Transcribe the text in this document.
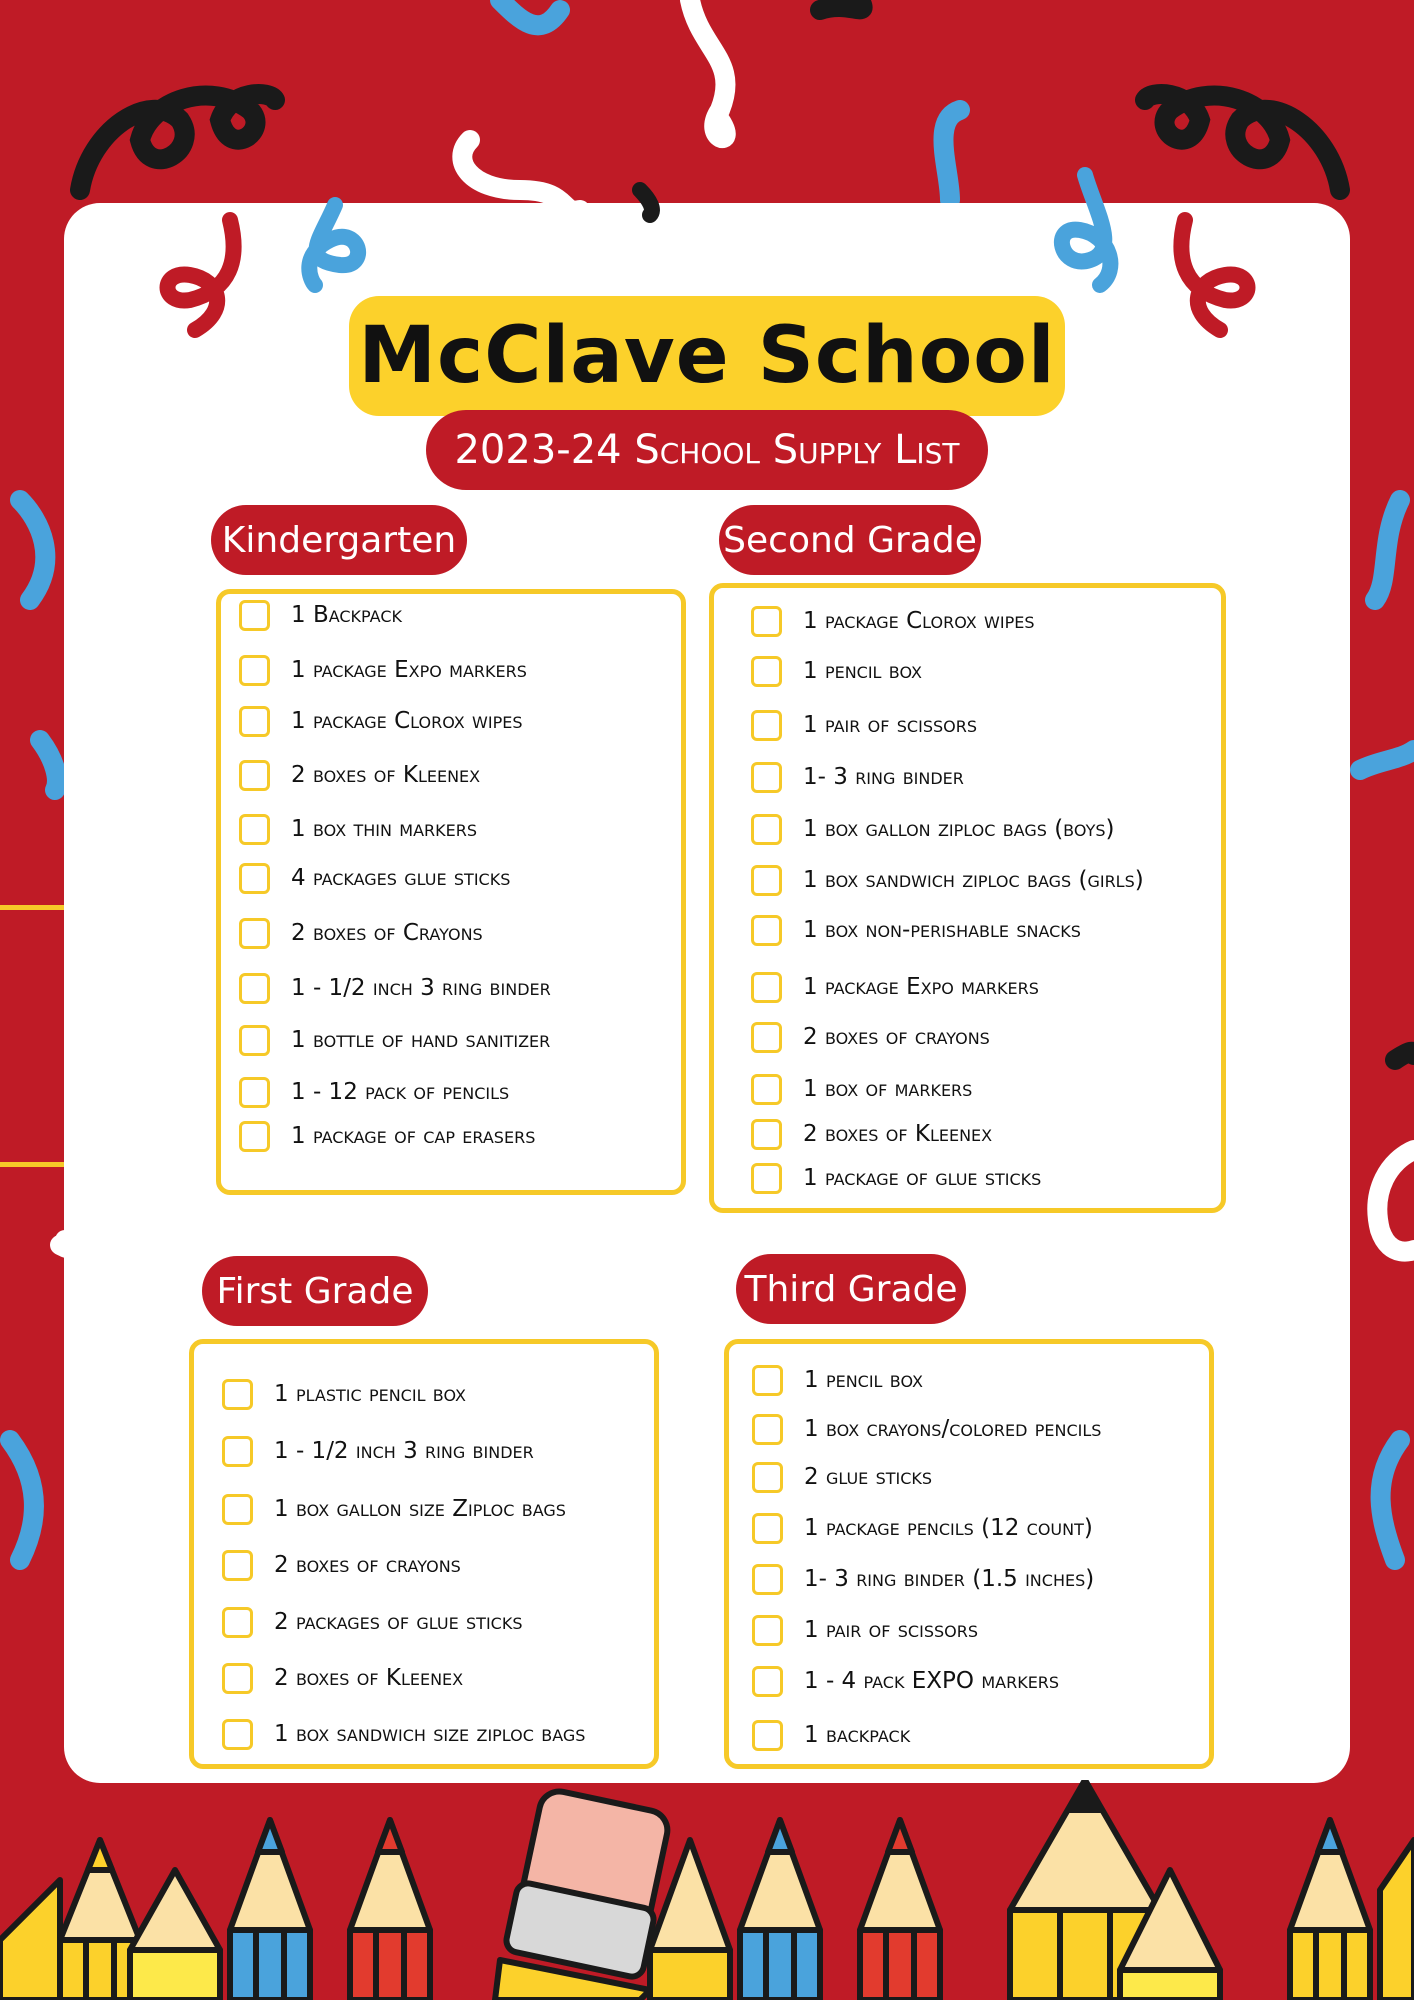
McClave School
2023-24 School Supply List
Kindergarten
1 Backpack
1 package Expo markers
1 package Clorox wipes
2 boxes of Kleenex
1 box thin markers
4 packages glue sticks
2 boxes of Crayons
1 - 1/2 inch 3 ring binder
1 bottle of hand sanitizer
1 - 12 pack of pencils
1 package of cap erasers
Second Grade
1 package Clorox wipes
1 pencil box
1 pair of scissors
1- 3 ring binder
1 box gallon ziploc bags (boys)
1 box sandwich ziploc bags (girls)
1 box non-perishable snacks
1 package Expo markers
2 boxes of crayons
1 box of markers
2 boxes of Kleenex
1 package of glue sticks
First Grade
1 plastic pencil box
1 - 1/2 inch 3 ring binder
1 box gallon size Ziploc bags
2 boxes of crayons
2 packages of glue sticks
2 boxes of Kleenex
1 box sandwich size ziploc bags
Third Grade
1 pencil box
1 box crayons/colored pencils
2 glue sticks
1 package pencils (12 count)
1- 3 ring binder (1.5 inches)
1 pair of scissors
1 - 4 pack EXPO markers
1 backpack
